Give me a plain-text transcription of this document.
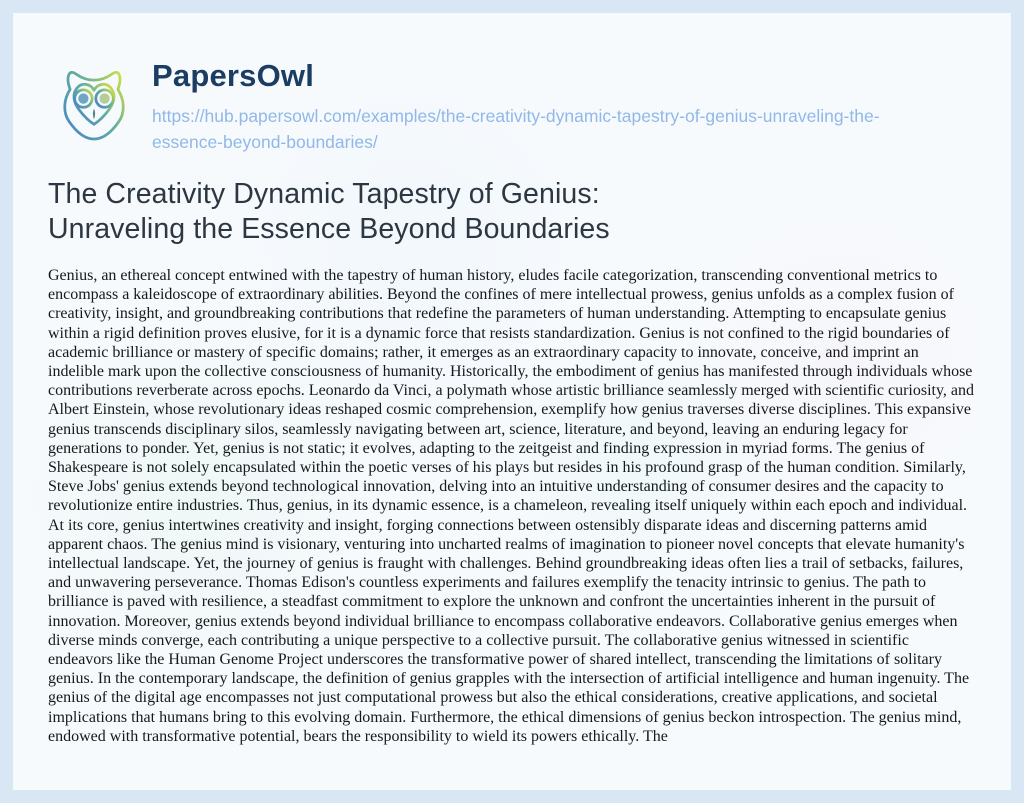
PapersOwl
https://hub.papersowl.com/examples/the-creativity-dynamic-tapestry-of-genius-unraveling-the-essence-beyond-boundaries/
The Creativity Dynamic Tapestry of Genius:
Unraveling the Essence Beyond Boundaries
Genius, an ethereal concept entwined with the tapestry of human history, eludes facile categorization, transcending conventional metrics to encompass a kaleidoscope of extraordinary abilities. Beyond the confines of mere intellectual prowess, genius unfolds as a complex fusion of creativity, insight, and groundbreaking contributions that redefine the parameters of human understanding. Attempting to encapsulate genius within a rigid definition proves elusive, for it is a dynamic force that resists standardization. Genius is not confined to the rigid boundaries of academic brilliance or mastery of specific domains; rather, it emerges as an extraordinary capacity to innovate, conceive, and imprint an indelible mark upon the collective consciousness of humanity. Historically, the embodiment of genius has manifested through individuals whose contributions reverberate across epochs. Leonardo da Vinci, a polymath whose artistic brilliance seamlessly merged with scientific curiosity, and Albert Einstein, whose revolutionary ideas reshaped cosmic comprehension, exemplify how genius traverses diverse disciplines. This expansive genius transcends disciplinary silos, seamlessly navigating between art, science, literature, and beyond, leaving an enduring legacy for generations to ponder. Yet, genius is not static; it evolves, adapting to the zeitgeist and finding expression in myriad forms. The genius of Shakespeare is not solely encapsulated within the poetic verses of his plays but resides in his profound grasp of the human condition. Similarly, Steve Jobs' genius extends beyond technological innovation, delving into an intuitive understanding of consumer desires and the capacity to revolutionize entire industries. Thus, genius, in its dynamic essence, is a chameleon, revealing itself uniquely within each epoch and individual. At its core, genius intertwines creativity and insight, forging connections between ostensibly disparate ideas and discerning patterns amid apparent chaos. The genius mind is visionary, venturing into uncharted realms of imagination to pioneer novel concepts that elevate humanity's intellectual landscape. Yet, the journey of genius is fraught with challenges. Behind groundbreaking ideas often lies a trail of setbacks, failures, and unwavering perseverance. Thomas Edison's countless experiments and failures exemplify the tenacity intrinsic to genius. The path to brilliance is paved with resilience, a steadfast commitment to explore the unknown and confront the uncertainties inherent in the pursuit of innovation. Moreover, genius extends beyond individual brilliance to encompass collaborative endeavors. Collaborative genius emerges when diverse minds converge, each contributing a unique perspective to a collective pursuit. The collaborative genius witnessed in scientific endeavors like the Human Genome Project underscores the transformative power of shared intellect, transcending the limitations of solitary genius. In the contemporary landscape, the definition of genius grapples with the intersection of artificial intelligence and human ingenuity. The genius of the digital age encompasses not just computational prowess but also the ethical considerations, creative applications, and societal implications that humans bring to this evolving domain. Furthermore, the ethical dimensions of genius beckon introspection. The genius mind, endowed with transformative potential, bears the responsibility to wield its powers ethically. The
